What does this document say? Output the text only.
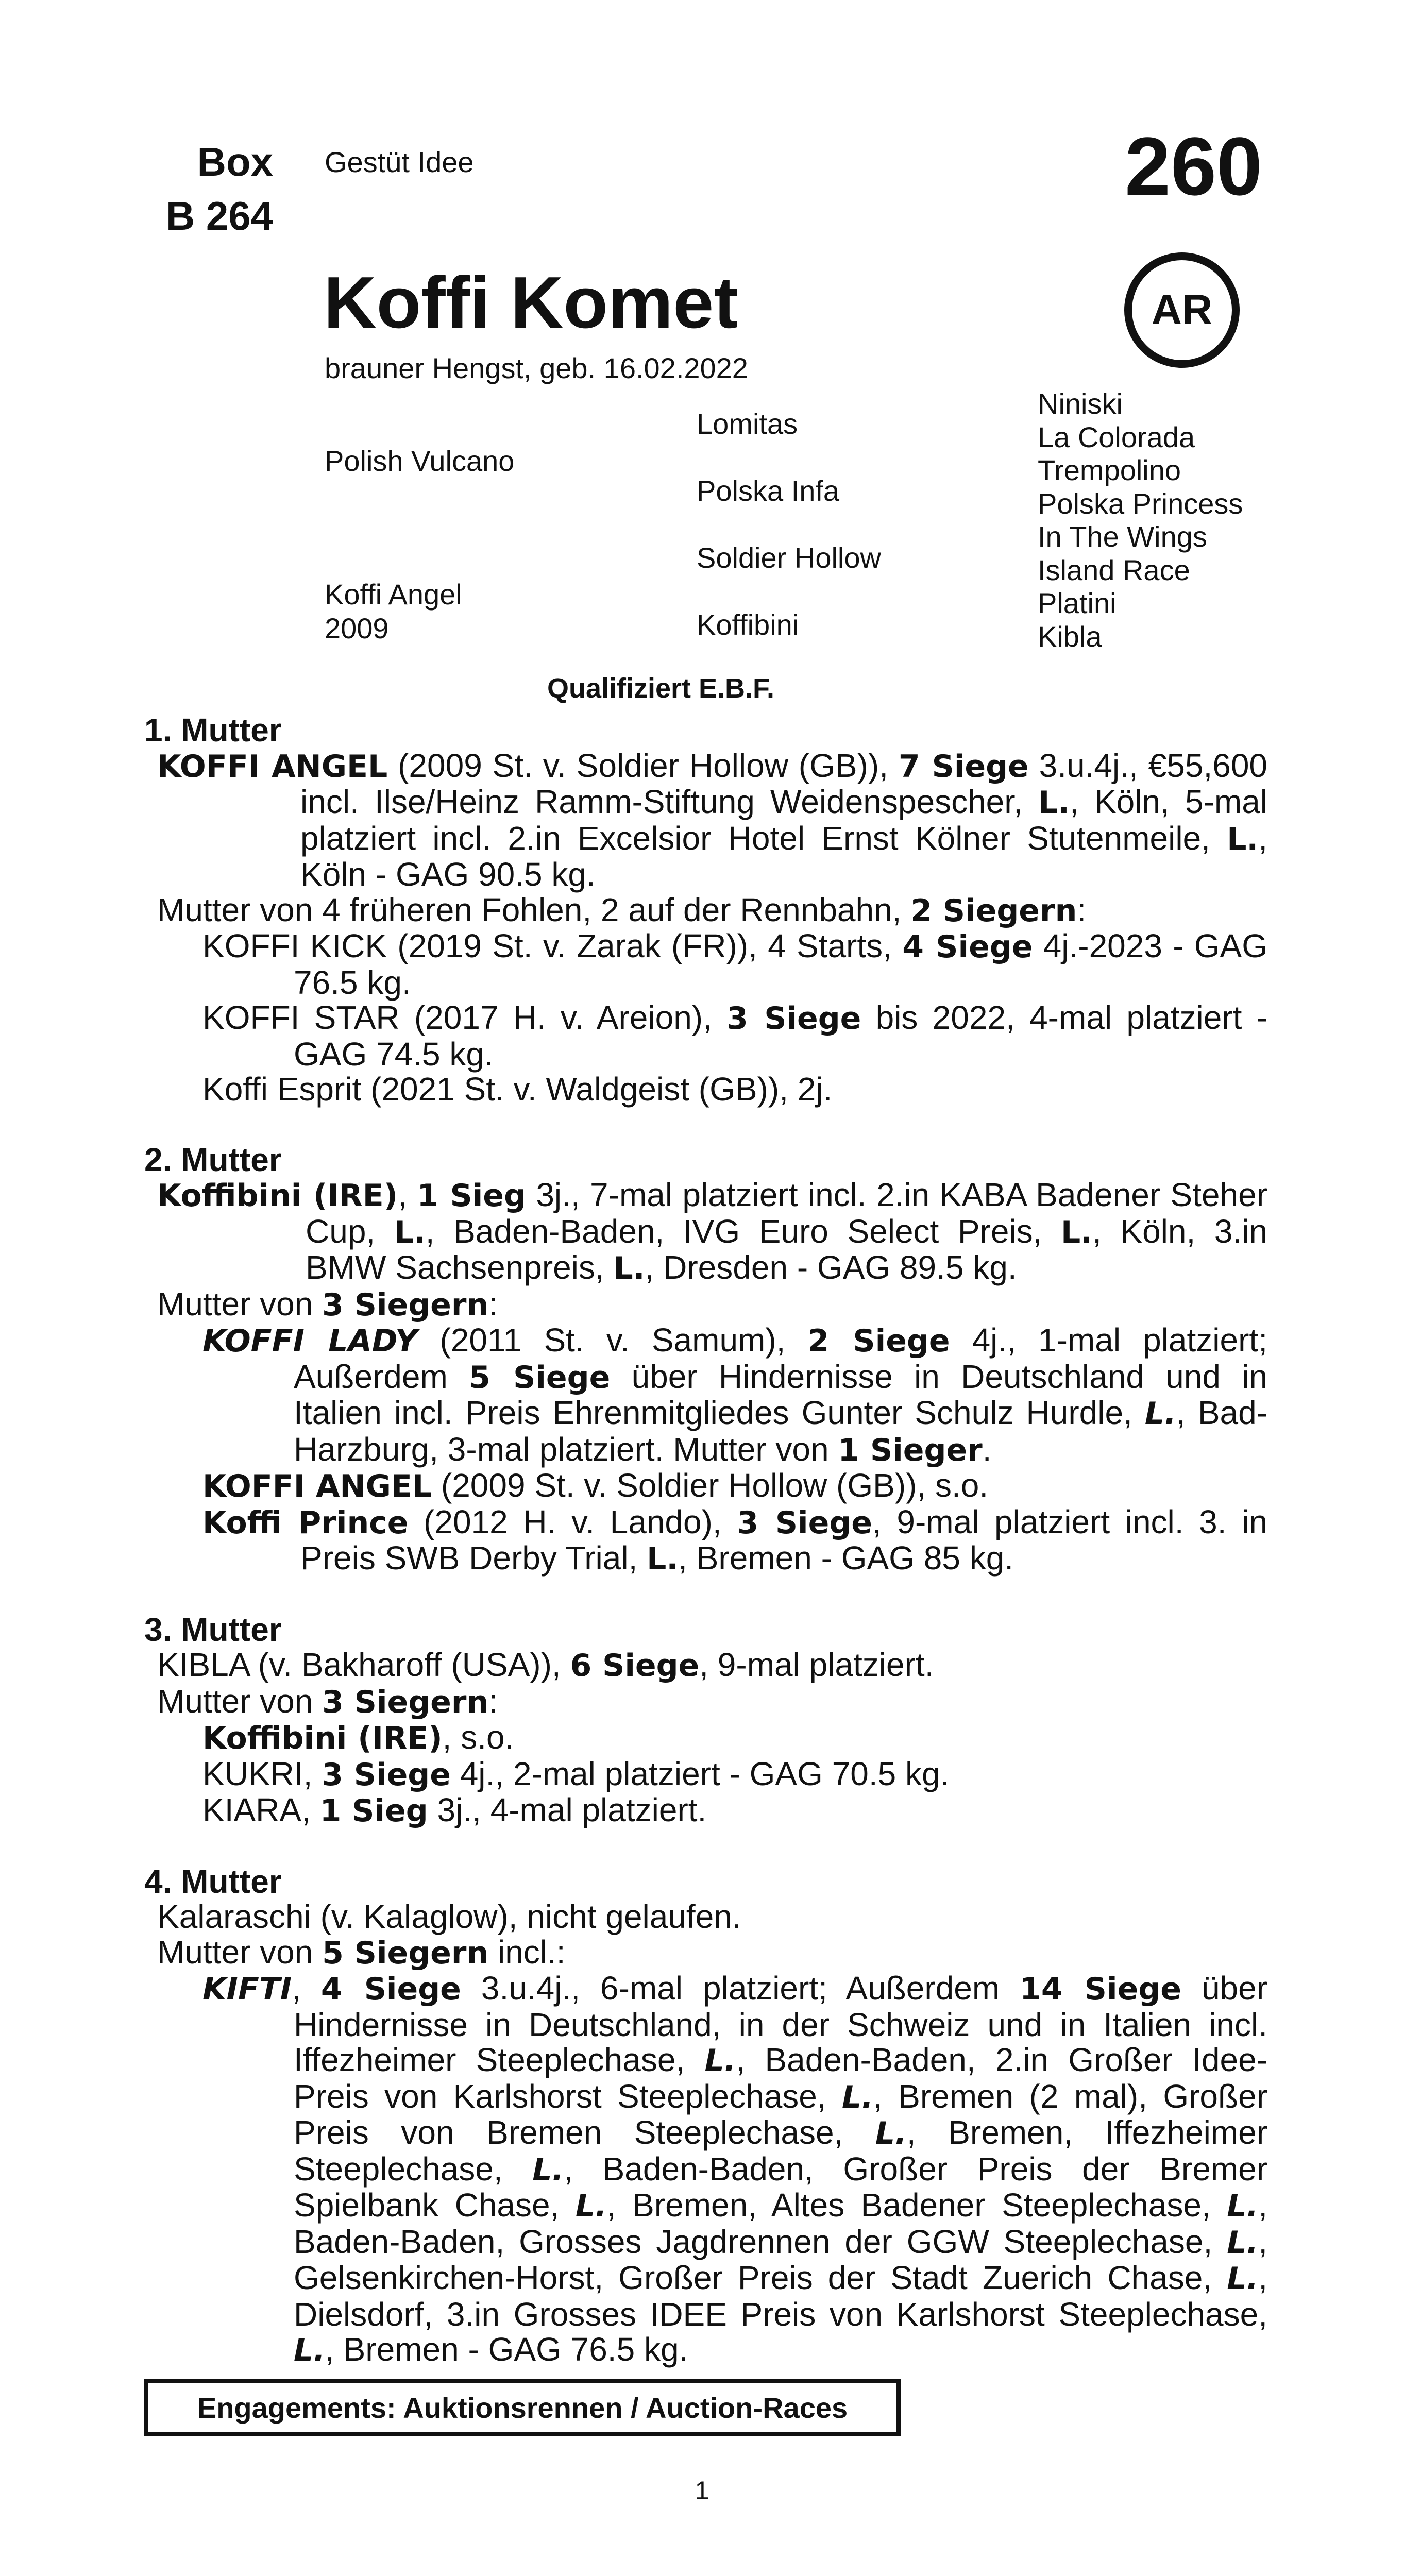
Box
B 264
Gestüt Idee	260
AR
Koffi Komet
brauner Hengst, geb. 16.02.2022
Polish Vulcano
Koffi Angel
2009
Lomitas
Polska Infa
Soldier Hollow
Koffibini
Niniski
La Colorada
Trempolino
Polska Princess
In The Wings
Island Race
Platini
Kibla
Qualifiziert E.B.F.
1. Mutter

KOFFI ANGEL (2009 St. v. Soldier Hollow (GB)), 7 Siege 3.u.4j., €55,600 incl. Ilse/Heinz Ramm-Stiftung Weidenspescher, L., Köln, 5-mal platziert incl. 2.in Excelsior Hotel Ernst Kölner Stutenmeile, L., Köln - GAG 90.5 kg.

Mutter von 4 früheren Fohlen, 2 auf der Rennbahn, 2 Siegern:

KOFFI KICK (2019 St. v. Zarak (FR)), 4 Starts, 4 Siege 4j.-2023 - GAG 76.5 kg.

KOFFI STAR (2017 H. v. Areion), 3 Siege bis 2022, 4-mal platziert - GAG 74.5 kg.

Koffi Esprit (2021 St. v. Waldgeist (GB)), 2j.

2. Mutter

Koffibini (IRE), 1 Sieg 3j., 7-mal platziert incl. 2.in KABA Badener Steher Cup, L., Baden-Baden, IVG Euro Select Preis, L., Köln, 3.in BMW Sachsenpreis, L., Dresden - GAG 89.5 kg.

Mutter von 3 Siegern:

KOFFI LADY (2011 St. v. Samum), 2 Siege 4j., 1-mal platziert; Außerdem 5 Siege über Hindernisse in Deutschland und in Italien incl. Preis Ehrenmitgliedes Gunter Schulz Hurdle, L., Bad-Harzburg, 3-mal platziert. Mutter von 1 Sieger.

KOFFI ANGEL (2009 St. v. Soldier Hollow (GB)), s.o.

Koffi Prince (2012 H. v. Lando), 3 Siege, 9-mal platziert incl. 3. in Preis SWB Derby Trial, L., Bremen - GAG 85 kg.

3. Mutter

KIBLA (v. Bakharoff (USA)), 6 Siege, 9-mal platziert.

Mutter von 3 Siegern:

Koffibini (IRE), s.o.

KUKRI, 3 Siege 4j., 2-mal platziert - GAG 70.5 kg.

KIARA, 1 Sieg 3j., 4-mal platziert.

4. Mutter

Kalaraschi (v. Kalaglow), nicht gelaufen.

Mutter von 5 Siegern incl.:

KIFTI, 4 Siege 3.u.4j., 6-mal platziert; Außerdem 14 Siege über Hindernisse in Deutschland, in der Schweiz und in Italien incl. Iffezheimer Steeplechase, L., Baden-Baden, 2.in Großer Idee-Preis von Karlshorst Steeplechase, L., Bremen (2 mal), Großer Preis von Bremen Steeplechase, L., Bremen, Iffezheimer Steeplechase, L., Baden-Baden, Großer Preis der Bremer Spielbank Chase, L., Bremen, Altes Badener Steeplechase, L., Baden-Baden, Grosses Jagdrennen der GGW Steeplechase, L., Gelsenkirchen-Horst, Großer Preis der Stadt Zuerich Chase, L., Dielsdorf, 3.in Grosses IDEE Preis von Karlshorst Steeplechase, L., Bremen - GAG 76.5 kg.

Engagements: Auktionsrennen / Auction-Races
1
